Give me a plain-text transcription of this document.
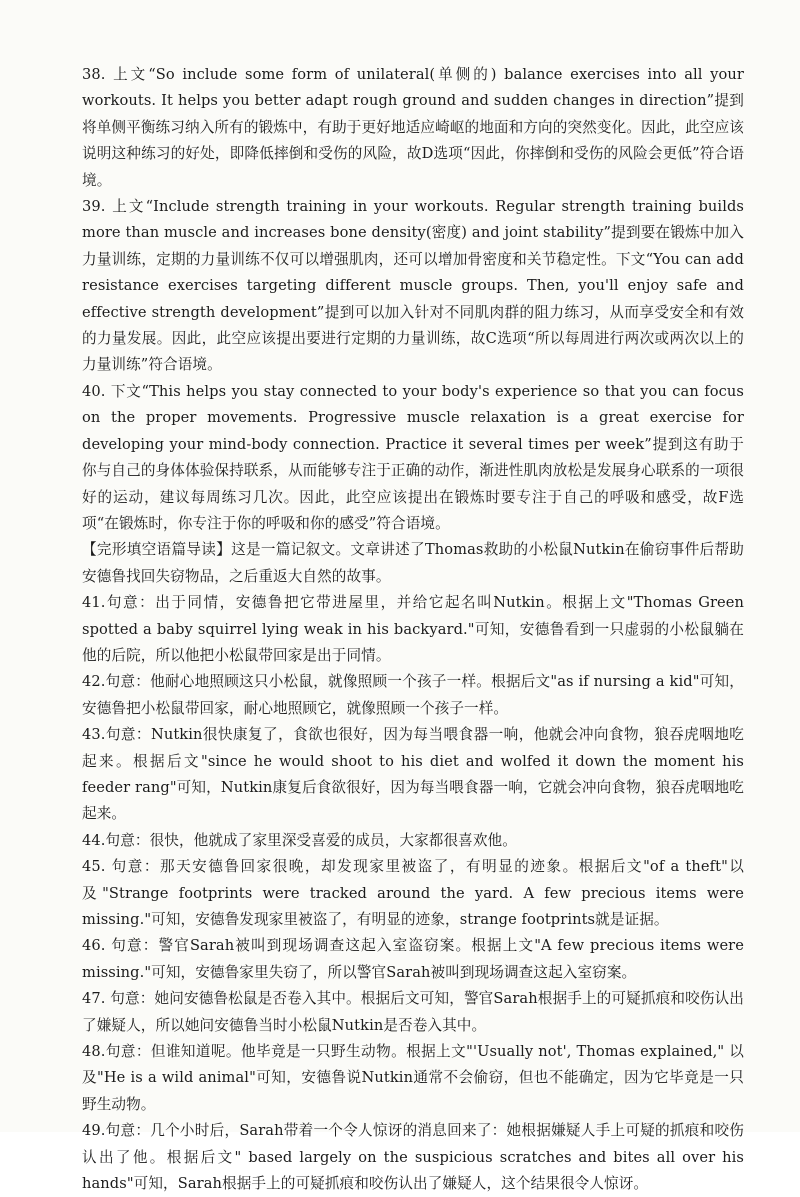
38. 上文“So include some form of unilateral(单侧的) balance exercises into all your workouts. It helps you better adapt rough ground and sudden changes in direction”提到将单侧平衡练习纳入所有的锻炼中，有助于更好地适应崎岖的地面和方向的突然变化。因此，此空应该说明这种练习的好处，即降低摔倒和受伤的风险，故D选项“因此，你摔倒和受伤的风险会更低”符合语境。

39. 上文“Include strength training in your workouts. Regular strength training builds more than muscle and increases bone density(密度) and joint stability”提到要在锻炼中加入力量训练，定期的力量训练不仅可以增强肌肉，还可以增加骨密度和关节稳定性。下文“You can add resistance exercises targeting different muscle groups. Then, you'll enjoy safe and effective strength development”提到可以加入针对不同肌肉群的阻力练习，从而享受安全和有效的力量发展。因此，此空应该提出要进行定期的力量训练，故C选项“所以每周进行两次或两次以上的力量训练”符合语境。

40. 下文“This helps you stay connected to your body's experience so that you can focus on the proper movements. Progressive muscle relaxation is a great exercise for developing your mind-body connection. Practice it several times per week”提到这有助于你与自己的身体体验保持联系，从而能够专注于正确的动作，渐进性肌肉放松是发展身心联系的一项很好的运动，建议每周练习几次。因此，此空应该提出在锻炼时要专注于自己的呼吸和感受，故F选项“在锻炼时，你专注于你的呼吸和你的感受”符合语境。

【完形填空语篇导读】这是一篇记叙文。文章讲述了Thomas救助的小松鼠Nutkin在偷窃事件后帮助安德鲁找回失窃物品，之后重返大自然的故事。

41.句意：出于同情，安德鲁把它带进屋里，并给它起名叫Nutkin。根据上文"Thomas Green spotted a baby squirrel lying weak in his backyard."可知，安德鲁看到一只虚弱的小松鼠躺在他的后院，所以他把小松鼠带回家是出于同情。

42.句意：他耐心地照顾这只小松鼠，就像照顾一个孩子一样。根据后文"as if nursing a kid"可知，安德鲁把小松鼠带回家，耐心地照顾它，就像照顾一个孩子一样。

43.句意：Nutkin很快康复了，食欲也很好，因为每当喂食器一响，他就会冲向食物，狼吞虎咽地吃起来。根据后文"since he would shoot to his diet and wolfed it down the moment his feeder rang"可知，Nutkin康复后食欲很好，因为每当喂食器一响，它就会冲向食物，狼吞虎咽地吃起来。

44.句意：很快，他就成了家里深受喜爱的成员，大家都很喜欢他。

45. 句意：那天安德鲁回家很晚，却发现家里被盗了，有明显的迹象。根据后文"of a theft"以及"Strange footprints were tracked around the yard. A few precious items were missing."可知，安德鲁发现家里被盗了，有明显的迹象，strange footprints就是证据。

46. 句意：警官Sarah被叫到现场调查这起入室盗窃案。根据上文"A few precious items were missing."可知，安德鲁家里失窃了，所以警官Sarah被叫到现场调查这起入室窃案。

47. 句意：她问安德鲁松鼠是否卷入其中。根据后文可知，警官Sarah根据手上的可疑抓痕和咬伤认出了嫌疑人，所以她问安德鲁当时小松鼠Nutkin是否卷入其中。

48.句意：但谁知道呢。他毕竟是一只野生动物。根据上文"'Usually not', Thomas explained," 以及"He is a wild animal"可知，安德鲁说Nutkin通常不会偷窃，但也不能确定，因为它毕竟是一只野生动物。

49.句意：几个小时后，Sarah带着一个令人惊讶的消息回来了：她根据嫌疑人手上可疑的抓痕和咬伤认出了他。根据后文" based largely on the suspicious scratches and bites all over his hands"可知，Sarah根据手上的可疑抓痕和咬伤认出了嫌疑人，这个结果很令人惊讶。
